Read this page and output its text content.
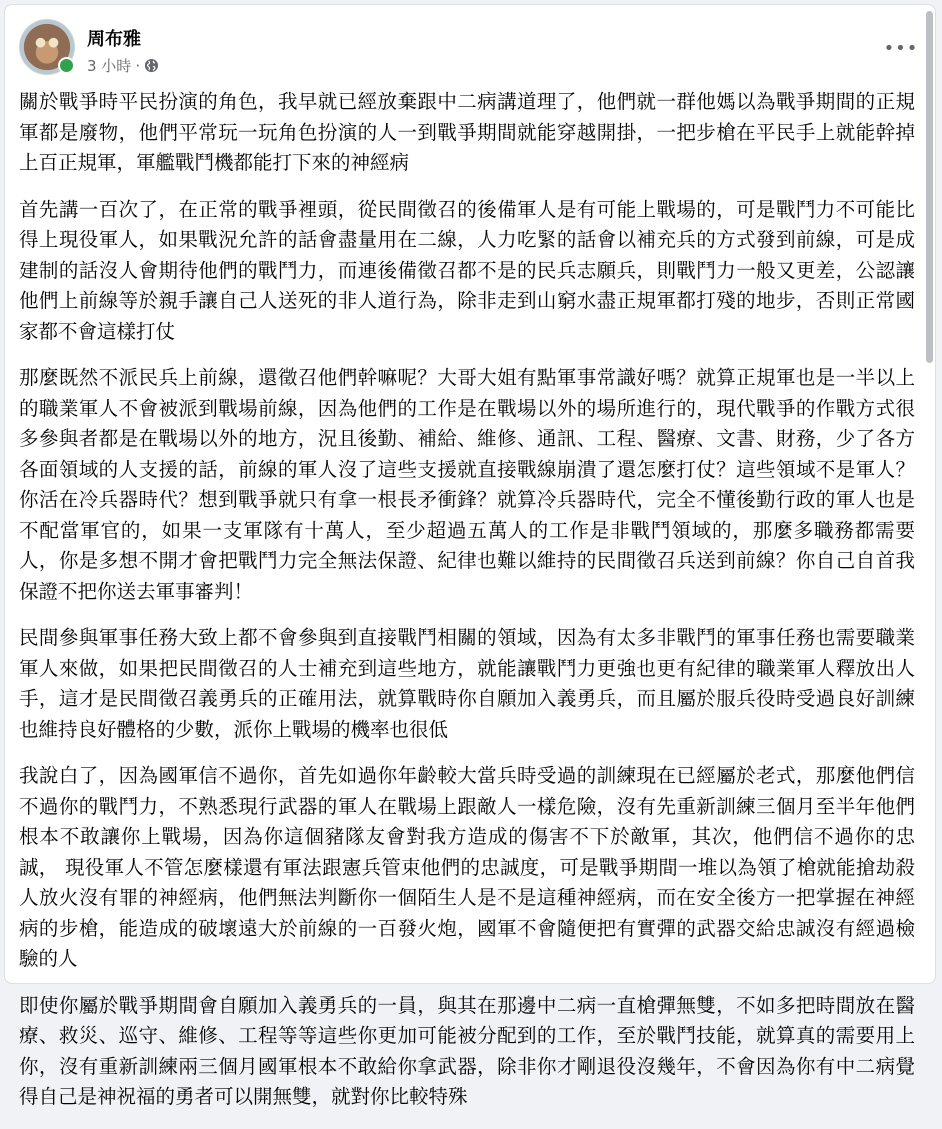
周布雅
3 小時 ·
•••

關於戰爭時平民扮演的角色，我早就已經放棄跟中二病講道理了，他們就一群他媽以為戰爭期間的正規軍都是廢物，他們平常玩一玩角色扮演的人一到戰爭期間就能穿越開掛，一把步槍在平民手上就能幹掉上百正規軍，軍艦戰鬥機都能打下來的神經病

首先講一百次了，在正常的戰爭裡頭，從民間徵召的後備軍人是有可能上戰場的，可是戰鬥力不可能比得上現役軍人，如果戰況允許的話會盡量用在二線，人力吃緊的話會以補充兵的方式發到前線，可是成建制的話沒人會期待他們的戰鬥力，而連後備徵召都不是的民兵志願兵，則戰鬥力一般又更差，公認讓他們上前線等於親手讓自己人送死的非人道行為，除非走到山窮水盡正規軍都打殘的地步，否則正常國家都不會這樣打仗

那麼既然不派民兵上前線，還徵召他們幹嘛呢？大哥大姐有點軍事常識好嗎？就算正規軍也是一半以上的職業軍人不會被派到戰場前線，因為他們的工作是在戰場以外的場所進行的，現代戰爭的作戰方式很多參與者都是在戰場以外的地方，況且後勤、補給、維修、通訊、工程、醫療、文書、財務，少了各方各面領域的人支援的話，前線的軍人沒了這些支援就直接戰線崩潰了還怎麼打仗？這些領域不是軍人？你活在冷兵器時代？想到戰爭就只有拿一根長矛衝鋒？就算冷兵器時代，完全不懂後勤行政的軍人也是不配當軍官的，如果一支軍隊有十萬人，至少超過五萬人的工作是非戰鬥領域的，那麼多職務都需要人，你是多想不開才會把戰鬥力完全無法保證、紀律也難以維持的民間徵召兵送到前線？你自己自首我保證不把你送去軍事審判！

民間參與軍事任務大致上都不會參與到直接戰鬥相關的領域，因為有太多非戰鬥的軍事任務也需要職業軍人來做，如果把民間徵召的人士補充到這些地方，就能讓戰鬥力更強也更有紀律的職業軍人釋放出人手，這才是民間徵召義勇兵的正確用法，就算戰時你自願加入義勇兵，而且屬於服兵役時受過良好訓練也維持良好體格的少數，派你上戰場的機率也很低

我說白了，因為國軍信不過你，首先如過你年齡較大當兵時受過的訓練現在已經屬於老式，那麼他們信不過你的戰鬥力，不熟悉現行武器的軍人在戰場上跟敵人一樣危險，沒有先重新訓練三個月至半年他們根本不敢讓你上戰場，因為你這個豬隊友會對我方造成的傷害不下於敵軍，其次，他們信不過你的忠誠， 現役軍人不管怎麼樣還有軍法跟憲兵管束他們的忠誠度，可是戰爭期間一堆以為領了槍就能搶劫殺人放火沒有罪的神經病，他們無法判斷你一個陌生人是不是這種神經病，而在安全後方一把掌握在神經病的步槍，能造成的破壞遠大於前線的一百發火炮，國軍不會隨便把有實彈的武器交給忠誠沒有經過檢驗的人

即使你屬於戰爭期間會自願加入義勇兵的一員，與其在那邊中二病一直槍彈無雙，不如多把時間放在醫療、救災、巡守、維修、工程等等這些你更加可能被分配到的工作，至於戰鬥技能，就算真的需要用上你，沒有重新訓練兩三個月國軍根本不敢給你拿武器，除非你才剛退役沒幾年，不會因為你有中二病覺得自己是神祝福的勇者可以開無雙，就對你比較特殊
